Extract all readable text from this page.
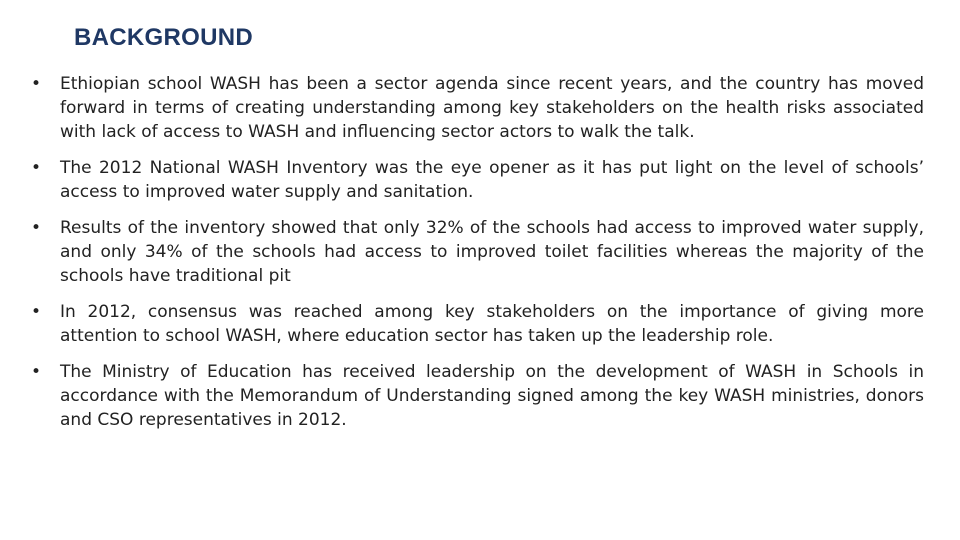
BACKGROUND
• Ethiopian school WASH has been a sector agenda since recent years, and the country has moved forward in terms of creating understanding among key stakeholders on the health risks associated with lack of access to WASH and influencing sector actors to walk the talk.
• The 2012 National WASH Inventory was the eye opener as it has put light on the level of schools’ access to improved water supply and sanitation.
• Results of the inventory showed that only 32% of the schools had access to improved water supply, and only 34% of the schools had access to improved toilet facilities whereas the majority of the schools have traditional pit
• In 2012, consensus was reached among key stakeholders on the importance of giving more attention to school WASH, where education sector has taken up the leadership role.
• The Ministry of Education has received leadership on the development of WASH in Schools in accordance with the Memorandum of Understanding signed among the key WASH ministries, donors and CSO representatives in 2012.
